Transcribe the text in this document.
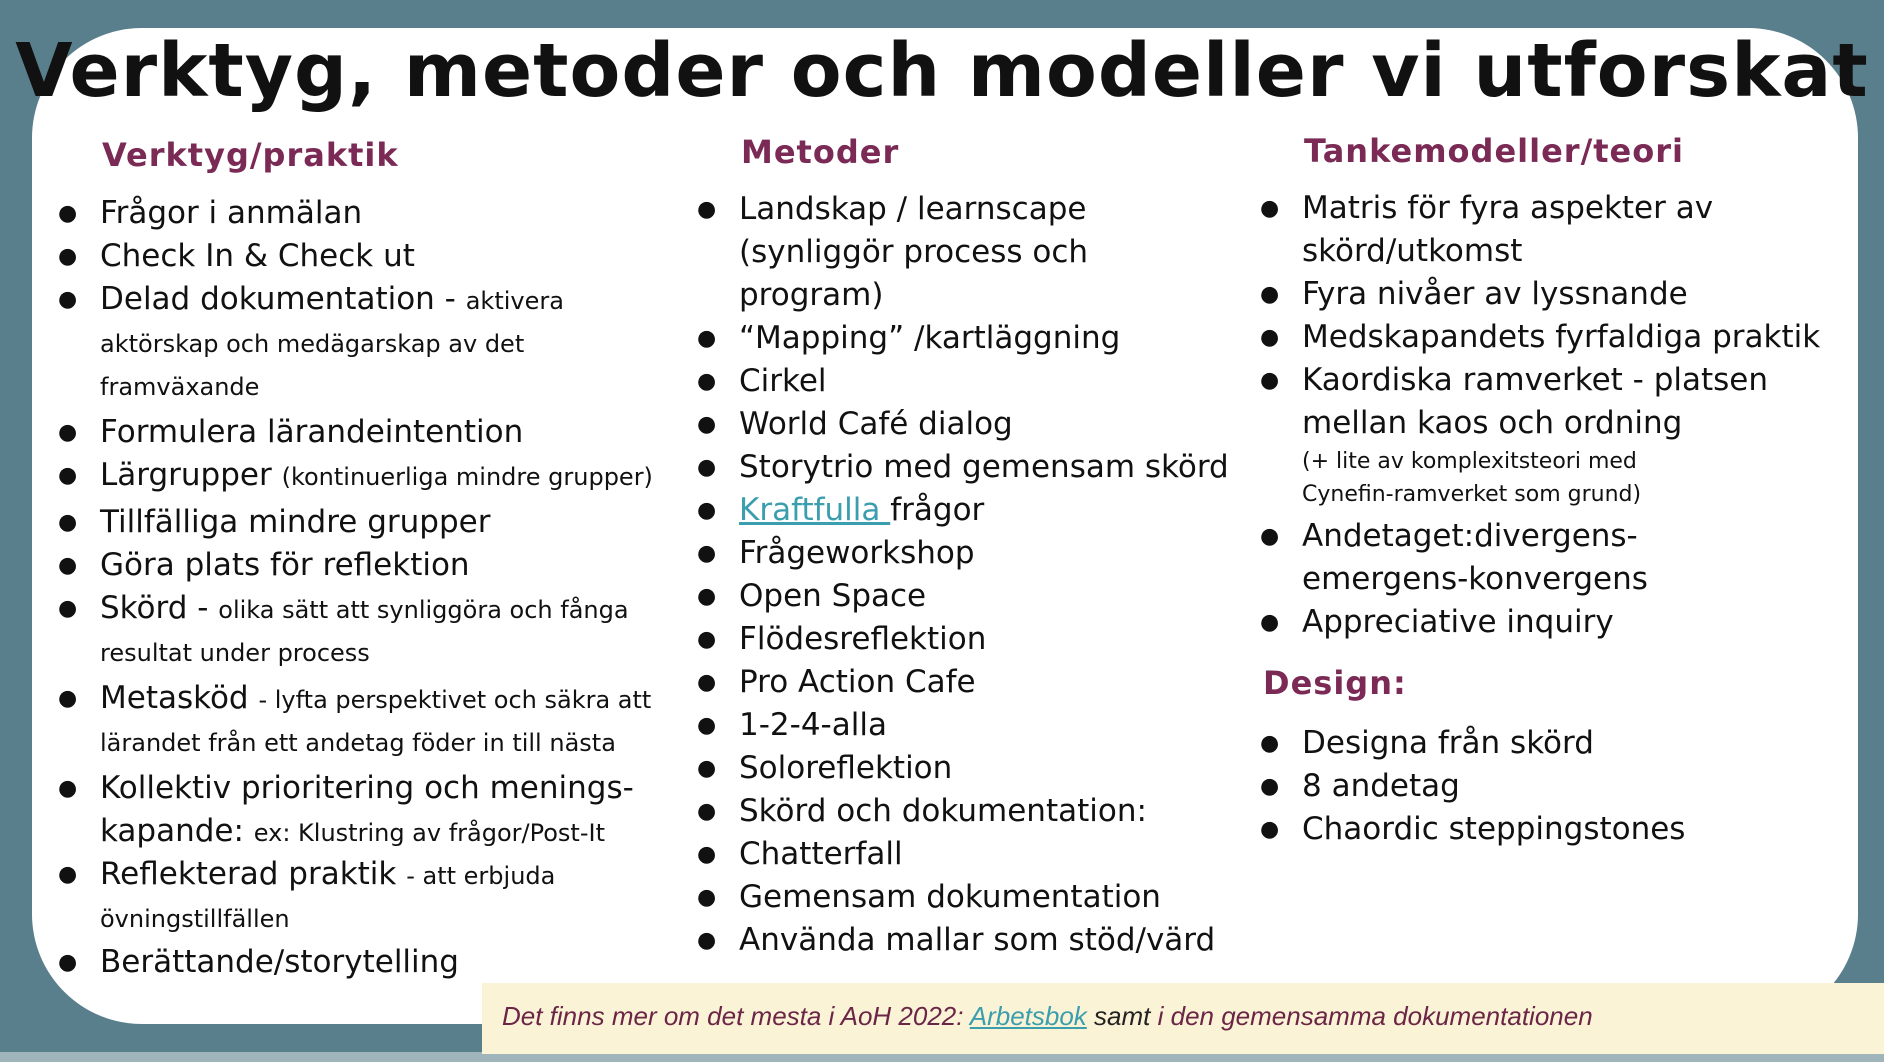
Verktyg, metoder och modeller vi utforskat
Verktyg/praktik
● Frågor i anmälan
● Check In & Check ut
● Delad dokumentation - aktivera aktörskap och medägarskap av det framväxande
● Formulera lärandeintention
● Lärgrupper (kontinuerliga mindre grupper)
● Tillfälliga mindre grupper
● Göra plats för reflektion
● Skörd - olika sätt att synliggöra och fånga resultat under process
● Metasköd - lyfta perspektivet och säkra att lärandet från ett andetag föder in till nästa
● Kollektiv prioritering och menings-kapande: ex: Klustring av frågor/Post-It
● Reflekterad praktik - att erbjuda övningstillfällen
● Berättande/storytelling
Metoder
● Landskap / learnscape (synliggör process och program)
● “Mapping” /kartläggning
● Cirkel
● World Café dialog
● Storytrio med gemensam skörd
● Kraftfulla frågor
● Frågeworkshop
● Open Space
● Flödesreflektion
● Pro Action Cafe
● 1-2-4-alla
● Soloreflektion
● Skörd och dokumentation:
● Chatterfall
● Gemensam dokumentation
● Använda mallar som stöd/värd
Tankemodeller/teori
● Matris för fyra aspekter av skörd/utkomst
● Fyra nivåer av lyssnande
● Medskapandets fyrfaldiga praktik
● Kaordiska ramverket - platsen mellan kaos och ordning
(+ lite av komplexitsteori med Cynefin-ramverket som grund)
● Andetaget:divergens- emergens-konvergens
● Appreciative inquiry
Design:
● Designa från skörd
● 8 andetag
● Chaordic steppingstones
Det finns mer om det mesta i AoH 2022: Arbetsbok samt i den gemensamma dokumentationen
